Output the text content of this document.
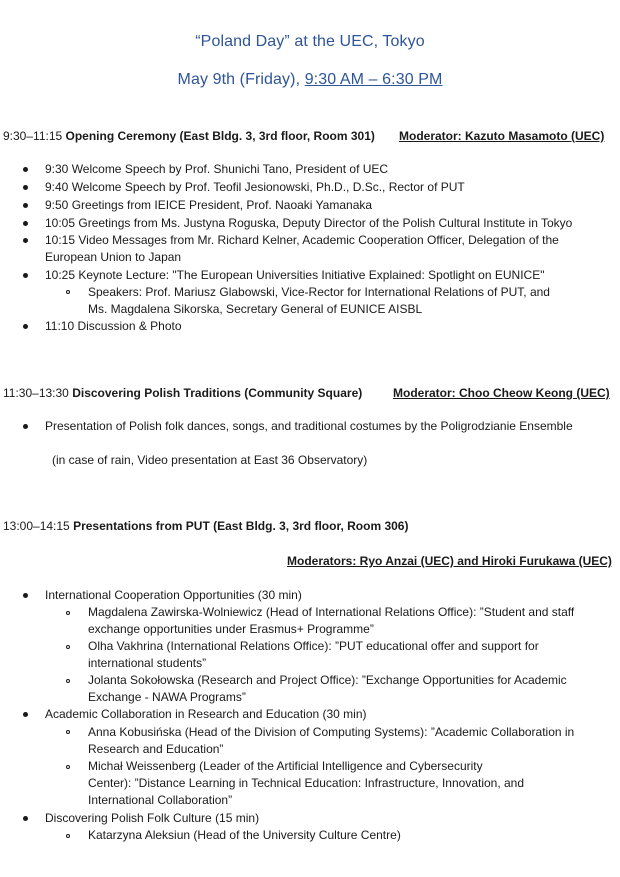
“Poland Day” at the UEC, Tokyo
May 9th (Friday), 9:30 AM – 6:30 PM
9:30–11:15 Opening Ceremony (East Bldg. 3, 3rd floor, Room 301) Moderator: Kazuto Masamoto (UEC)
9:30 Welcome Speech by Prof. Shunichi Tano, President of UEC
9:40 Welcome Speech by Prof. Teofil Jesionowski, Ph.D., D.Sc., Rector of PUT
9:50 Greetings from IEICE President, Prof. Naoaki Yamanaka
10:05 Greetings from Ms. Justyna Roguska, Deputy Director of the Polish Cultural Institute in Tokyo
10:15 Video Messages from Mr. Richard Kelner, Academic Cooperation Officer, Delegation of the
European Union to Japan
10:25 Keynote Lecture: "The European Universities Initiative Explained: Spotlight on EUNICE"
Speakers: Prof. Mariusz Glabowski, Vice-Rector for International Relations of PUT, and
Ms. Magdalena Sikorska, Secretary General of EUNICE AISBL
11:10 Discussion & Photo
11:30–13:30 Discovering Polish Traditions (Community Square)	Moderator: Choo Cheow Keong (UEC)
Presentation of Polish folk dances, songs, and traditional costumes by the Poligrodzianie Ensemble
(in case of rain, Video presentation at East 36 Observatory)
13:00–14:15 Presentations from PUT (East Bldg. 3, 3rd floor, Room 306)
Moderators: Ryo Anzai (UEC) and Hiroki Furukawa (UEC)
International Cooperation Opportunities (30 min)
Magdalena Zawirska-Wolniewicz (Head of International Relations Office): ”Student and staff
exchange opportunities under Erasmus+ Programme”
Olha Vakhrina (International Relations Office): ”PUT educational offer and support for
international students”
Jolanta Sokołowska (Research and Project Office): ”Exchange Opportunities for Academic
Exchange - NAWA Programs”
Academic Collaboration in Research and Education (30 min)
Anna Kobusińska (Head of the Division of Computing Systems): ”Academic Collaboration in
Research and Education”
Michał Weissenberg (Leader of the Artificial Intelligence and Cybersecurity
Center): ”Distance Learning in Technical Education: Infrastructure, Innovation, and
International Collaboration”
Discovering Polish Folk Culture (15 min)
Katarzyna Aleksiun (Head of the University Culture Centre)
